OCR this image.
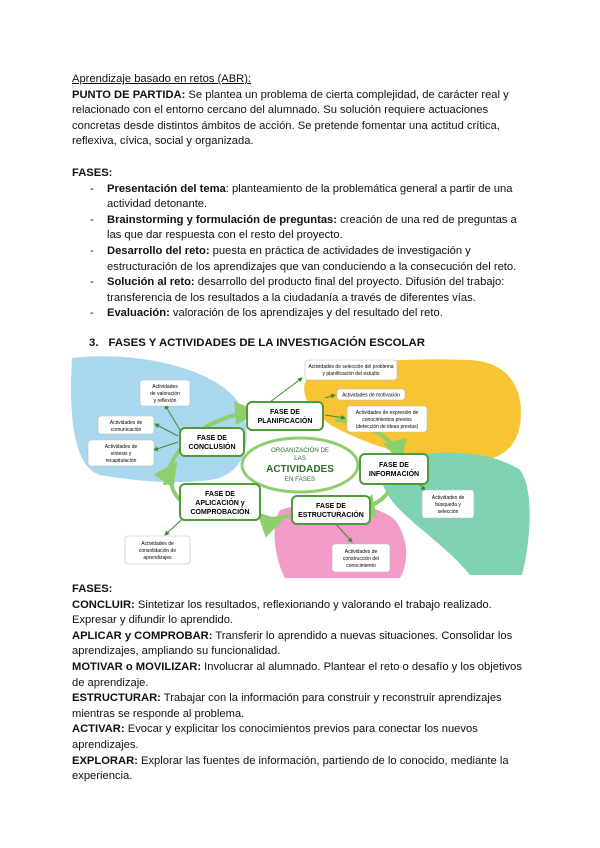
Aprendizaje basado en retos (ABR):

PUNTO DE PARTIDA: Se plantea un problema de cierta complejidad, de carácter real y relacionado con el entorno cercano del alumnado. Su solución requiere actuaciones concretas desde distintos ámbitos de acción. Se pretende fomentar una actitud crítica, reflexiva, cívica, social y organizada.

FASES:

- Presentación del tema: planteamiento de la problemática general a partir de una actividad detonante.
- Brainstorming y formulación de preguntas: creación de una red de preguntas a las que dar respuesta con el resto del proyecto.
- Desarrollo del reto: puesta en práctica de actividades de investigación y estructuración de los aprendizajes que van conduciendo a la consecución del reto.
- Solución al reto: desarrollo del producto final del proyecto. Difusión del trabajo: transferencia de los resultados a la ciudadanía a través de diferentes vías.
- Evaluación: valoración de los aprendizajes y del resultado del reto.

3. FASES Y ACTIVIDADES DE LA INVESTIGACIÓN ESCOLAR

ORGANIZACIÓN DE
LAS
ACTIVIDADES
EN FASES
FASE DE
PLANIFICACIÓN
FASE DE
INFORMACIÓN
FASE DE
ESTRUCTURACIÓN
FASE DE
APLICACIÓN y
COMPROBACIÓN
FASE DE
CONCLUSIÓN
Actividades de selección del problema
y planificación del estudio
Actividades de motivación
Actividades de expresión de
conocimientos previos
(detección de ideas previas)
Actividades de
búsqueda y
selección
Actividades de
construcción del
conocimiento
Actividades de
consolidación de
aprendizajes
Actividades
de valoración
y reflexión
Actividades de
comunicación
Actividades de
síntesis y
recapitulación

FASES:

CONCLUIR: Sintetizar los resultados, reflexionando y valorando el trabajo realizado. Expresar y difundir lo aprendido.

APLICAR y COMPROBAR: Transferir lo aprendido a nuevas situaciones. Consolidar los aprendizajes, ampliando su funcionalidad.

MOTIVAR o MOVILIZAR: Involucrar al alumnado. Plantear el reto o desafío y los objetivos de aprendizaje.

ESTRUCTURAR: Trabajar con la información para construir y reconstruir aprendizajes mientras se responde al problema.

ACTIVAR: Evocar y explicitar los conocimientos previos para conectar los nuevos aprendizajes.

EXPLORAR: Explorar las fuentes de información, partiendo de lo conocido, mediante la experiencia.
